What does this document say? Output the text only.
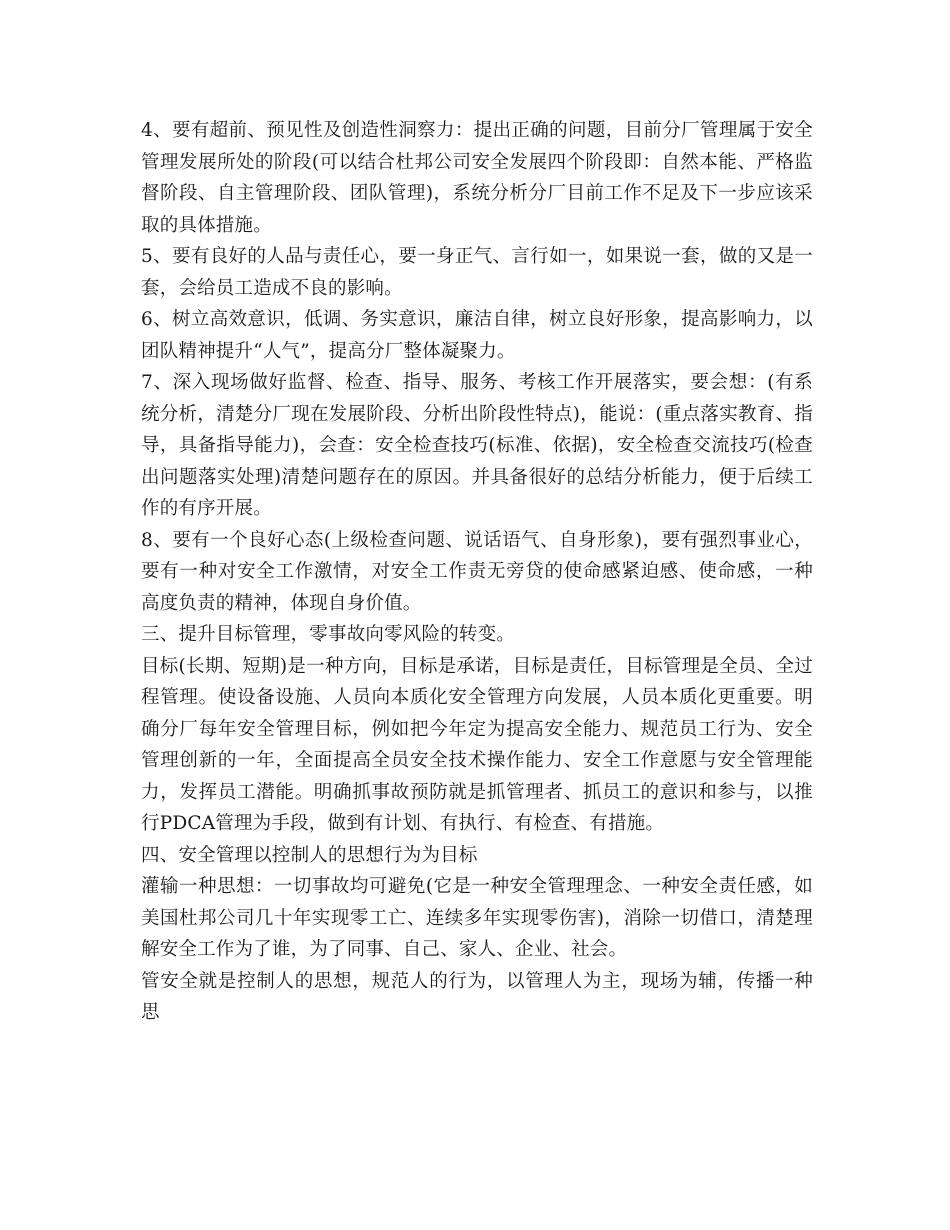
4、要有超前、预见性及创造性洞察力：提出正确的问题，目前分厂管理属于安全管理发展所处的阶段(可以结合杜邦公司安全发展四个阶段即：自然本能、严格监督阶段、自主管理阶段、团队管理)，系统分析分厂目前工作不足及下一步应该采取的具体措施。

5、要有良好的人品与责任心，要一身正气、言行如一，如果说一套，做的又是一套，会给员工造成不良的影响。

6、树立高效意识，低调、务实意识，廉洁自律，树立良好形象，提高影响力，以团队精神提升“人气”，提高分厂整体凝聚力。

7、深入现场做好监督、检查、指导、服务、考核工作开展落实，要会想：(有系统分析，清楚分厂现在发展阶段、分析出阶段性特点)，能说：(重点落实教育、指导，具备指导能力)，会查：安全检查技巧(标准、依据)，安全检查交流技巧(检查出问题落实处理)清楚问题存在的原因。并具备很好的总结分析能力，便于后续工作的有序开展。

8、要有一个良好心态(上级检查问题、说话语气、自身形象)，要有强烈事业心，要有一种对安全工作激情，对安全工作责无旁贷的使命感紧迫感、使命感，一种高度负责的精神，体现自身价值。

三、提升目标管理，零事故向零风险的转变。

目标(长期、短期)是一种方向，目标是承诺，目标是责任，目标管理是全员、全过程管理。使设备设施、人员向本质化安全管理方向发展，人员本质化更重要。明确分厂每年安全管理目标，例如把今年定为提高安全能力、规范员工行为、安全管理创新的一年，全面提高全员安全技术操作能力、安全工作意愿与安全管理能力，发挥员工潜能。明确抓事故预防就是抓管理者、抓员工的意识和参与，以推行PDCA管理为手段，做到有计划、有执行、有检查、有措施。

四、安全管理以控制人的思想行为为目标

灌输一种思想：一切事故均可避免(它是一种安全管理理念、一种安全责任感，如美国杜邦公司几十年实现零工亡、连续多年实现零伤害)，消除一切借口，清楚理解安全工作为了谁，为了同事、自己、家人、企业、社会。

管安全就是控制人的思想，规范人的行为，以管理人为主，现场为辅，传播一种思
